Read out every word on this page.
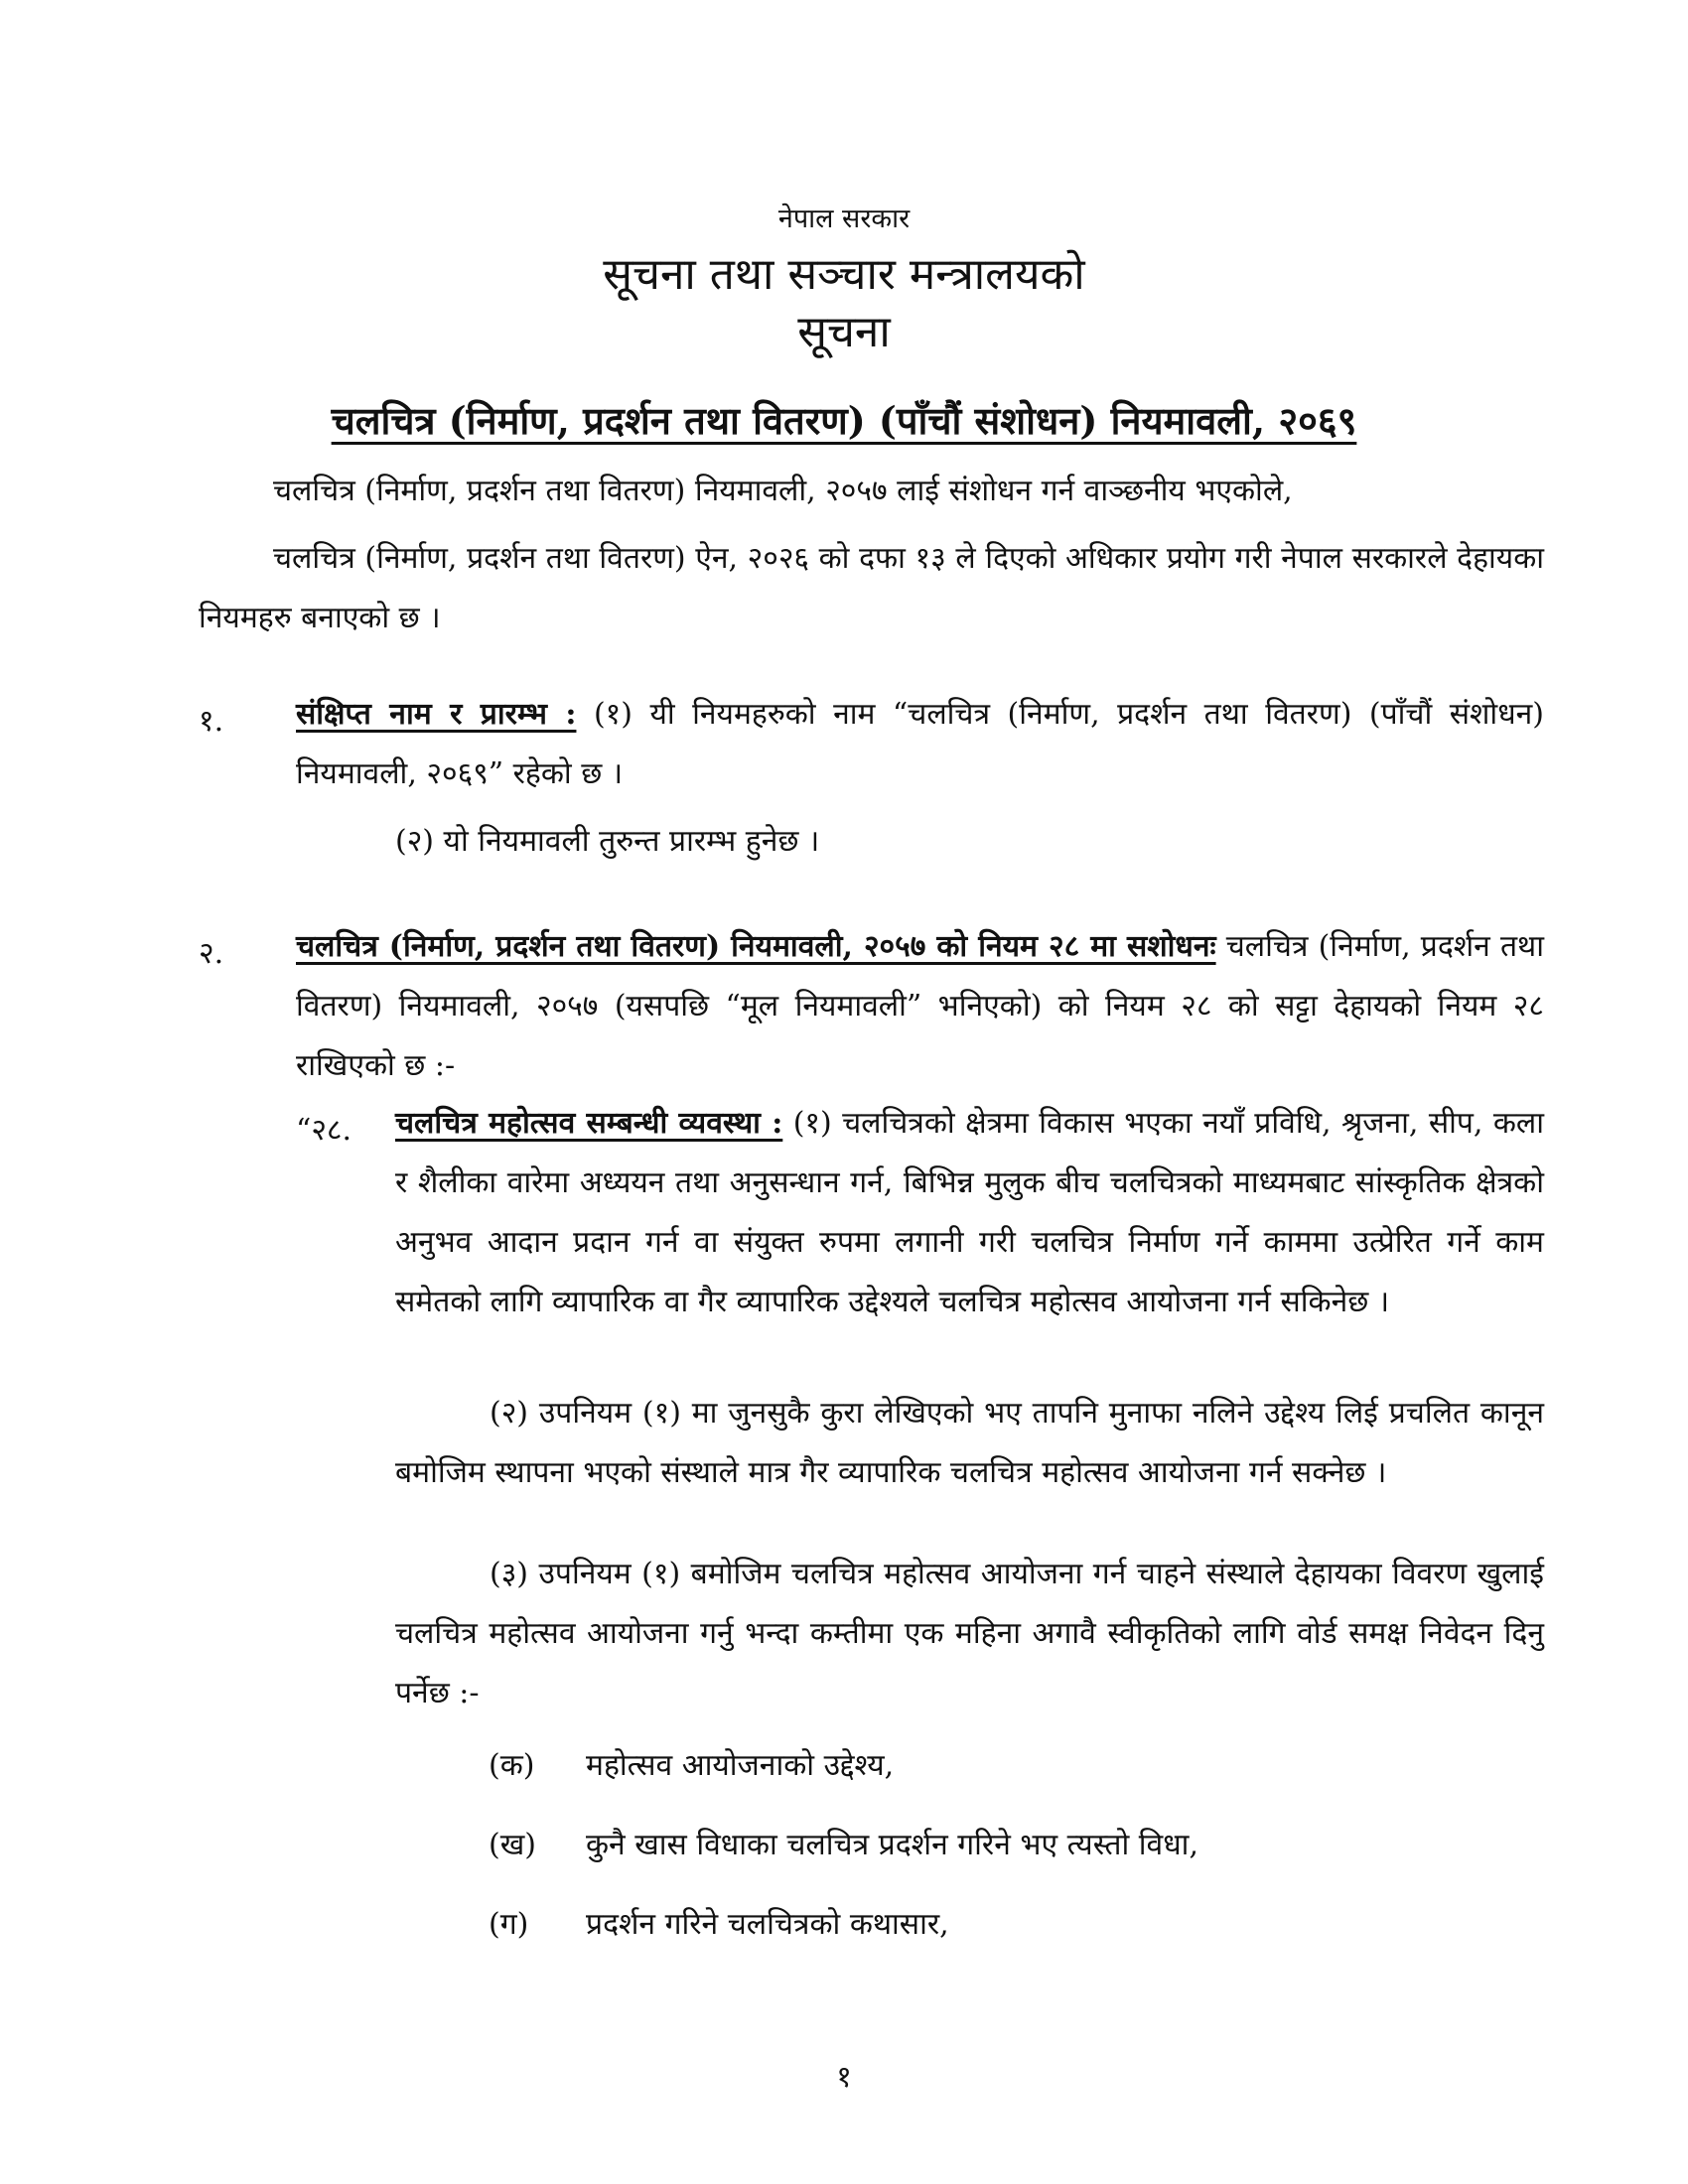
नेपाल सरकार
सूचना तथा सञ्चार मन्त्रालयको
सूचना
चलचित्र (निर्माण, प्रदर्शन तथा वितरण) (पाँचौं संशोधन) नियमावली, २०६९
चलचित्र (निर्माण, प्रदर्शन तथा वितरण) नियमावली, २०५७ लाई संशोधन गर्न वाञ्छनीय भएकोले,
चलचित्र (निर्माण, प्रदर्शन तथा वितरण) ऐन, २०२६ को दफा १३ ले दिएको अधिकार प्रयोग गरी नेपाल सरकारले देहायका नियमहरु बनाएको छ ।
१. संक्षिप्त नाम र प्रारम्भ : (१) यी नियमहरुको नाम “चलचित्र (निर्माण, प्रदर्शन तथा वितरण) (पाँचौं संशोधन) नियमावली, २०६९” रहेको छ ।
(२) यो नियमावली तुरुन्त प्रारम्भ हुनेछ ।
२. चलचित्र (निर्माण, प्रदर्शन तथा वितरण) नियमावली, २०५७ को नियम २८ मा सशोधनः चलचित्र (निर्माण, प्रदर्शन तथा वितरण) नियमावली, २०५७ (यसपछि “मूल नियमावली” भनिएको) को नियम २८ को सट्टा देहायको नियम २८ राखिएको छ :-
“२८.	चलचित्र महोत्सव सम्बन्धी व्यवस्था : (१) चलचित्रको क्षेत्रमा विकास भएका नयाँ प्रविधि, श्रृजना, सीप, कला र शैलीका वारेमा अध्ययन तथा अनुसन्धान गर्न, बिभिन्न मुलुक बीच चलचित्रको माध्यमबाट सांस्कृतिक क्षेत्रको अनुभव आदान प्रदान गर्न वा संयुक्त रुपमा लगानी गरी चलचित्र निर्माण गर्ने काममा उत्प्रेरित गर्ने काम समेतको लागि व्यापारिक वा गैर व्यापारिक उद्देश्यले चलचित्र महोत्सव आयोजना गर्न सकिनेछ ।
(२) उपनियम (१) मा जुनसुकै कुरा लेखिएको भए तापनि मुनाफा नलिने उद्देश्य लिई प्रचलित कानून बमोजिम स्थापना भएको संस्थाले मात्र गैर व्यापारिक चलचित्र महोत्सव आयोजना गर्न सक्नेछ ।
(३) उपनियम (१) बमोजिम चलचित्र महोत्सव आयोजना गर्न चाहने संस्थाले देहायका विवरण खुलाई चलचित्र महोत्सव आयोजना गर्नु भन्दा कम्तीमा एक महिना अगावै स्वीकृतिको लागि वोर्ड समक्ष निवेदन दिनु पर्नेछ :-
(क) महोत्सव आयोजनाको उद्देश्य,
(ख) कुनै खास विधाका चलचित्र प्रदर्शन गरिने भए त्यस्तो विधा,
(ग) प्रदर्शन गरिने चलचित्रको कथासार,
१
